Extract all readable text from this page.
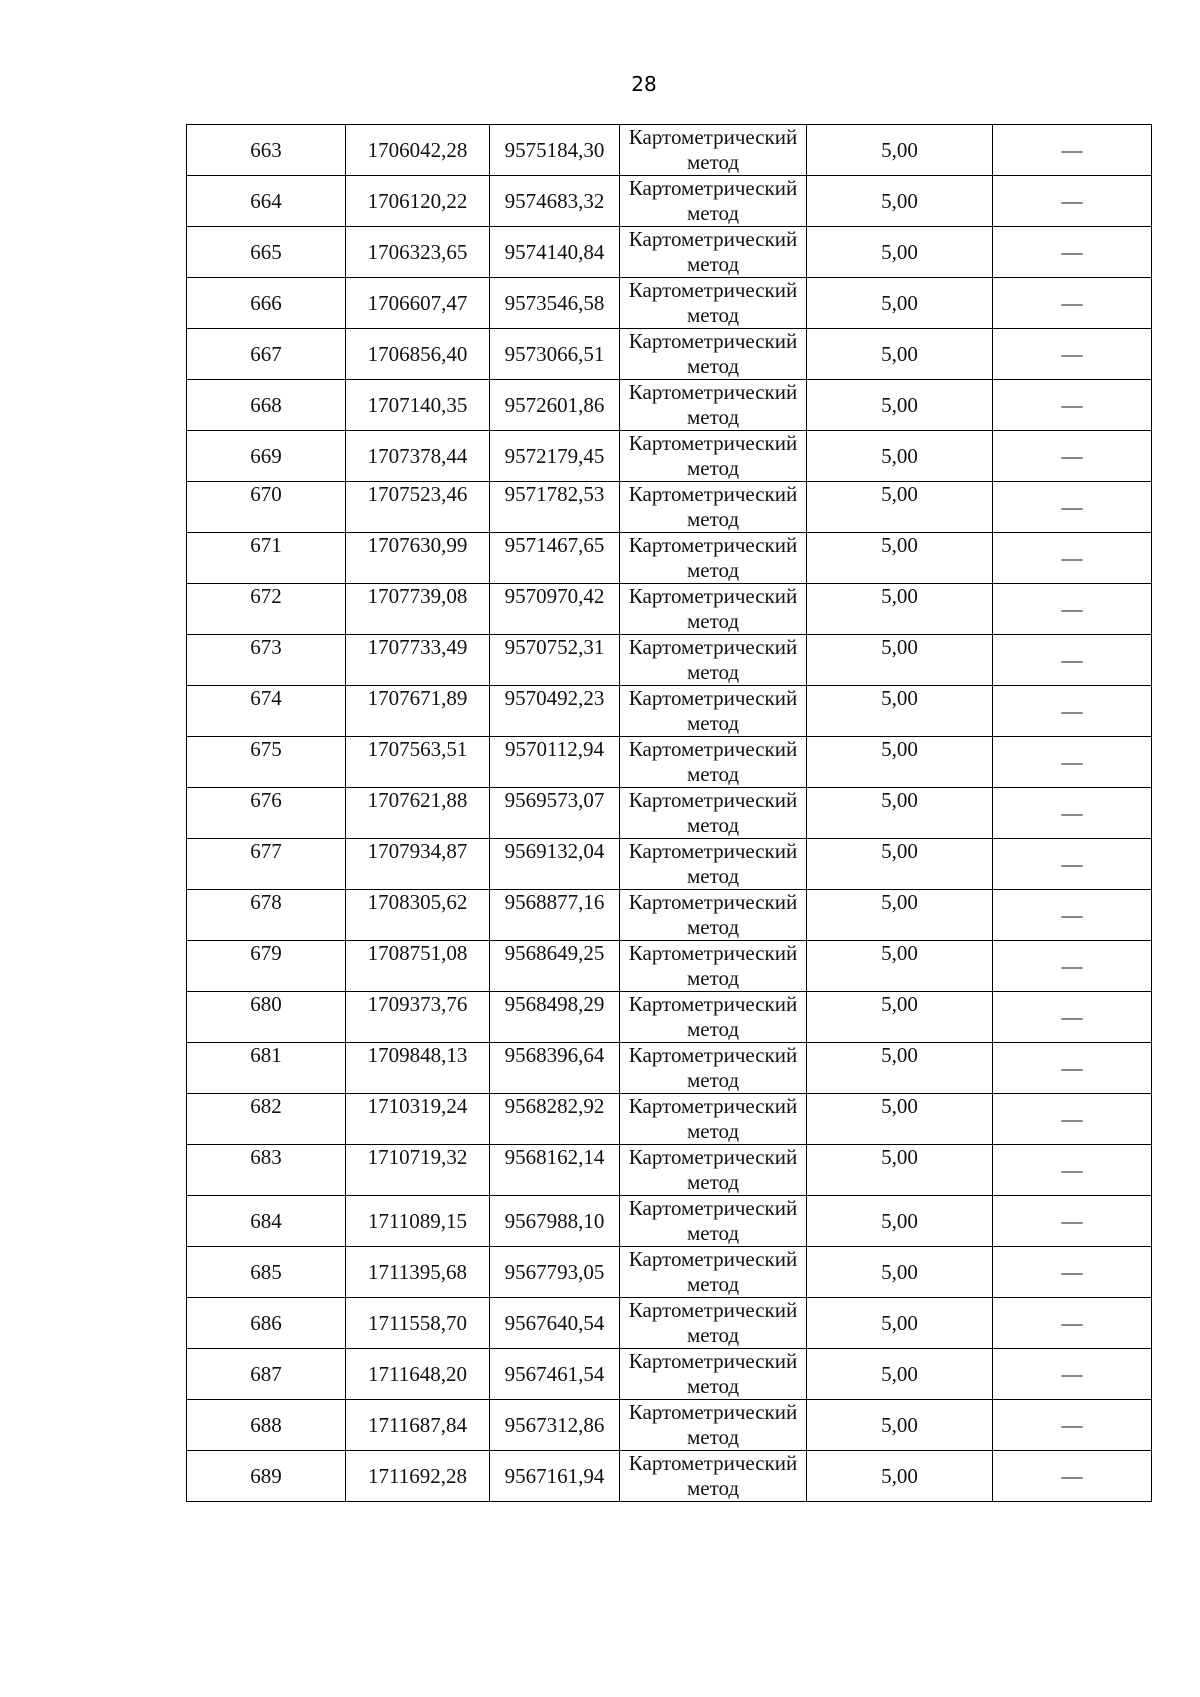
28
663	1706042,28	9575184,30	Картометрический
метод	5,00	—
664	1706120,22	9574683,32	Картометрический
метод	5,00	—
665	1706323,65	9574140,84	Картометрический
метод	5,00	—
666	1706607,47	9573546,58	Картометрический
метод	5,00	—
667	1706856,40	9573066,51	Картометрический
метод	5,00	—
668	1707140,35	9572601,86	Картометрический
метод	5,00	—
669	1707378,44	9572179,45	Картометрический
метод	5,00	—
670	1707523,46	9571782,53	Картометрический
метод	5,00	—
671	1707630,99	9571467,65	Картометрический
метод	5,00	—
672	1707739,08	9570970,42	Картометрический
метод	5,00	—
673	1707733,49	9570752,31	Картометрический
метод	5,00	—
674	1707671,89	9570492,23	Картометрический
метод	5,00	—
675	1707563,51	9570112,94	Картометрический
метод	5,00	—
676	1707621,88	9569573,07	Картометрический
метод	5,00	—
677	1707934,87	9569132,04	Картометрический
метод	5,00	—
678	1708305,62	9568877,16	Картометрический
метод	5,00	—
679	1708751,08	9568649,25	Картометрический
метод	5,00	—
680	1709373,76	9568498,29	Картометрический
метод	5,00	—
681	1709848,13	9568396,64	Картометрический
метод	5,00	—
682	1710319,24	9568282,92	Картометрический
метод	5,00	—
683	1710719,32	9568162,14	Картометрический
метод	5,00	—
684	1711089,15	9567988,10	Картометрический
метод	5,00	—
685	1711395,68	9567793,05	Картометрический
метод	5,00	—
686	1711558,70	9567640,54	Картометрический
метод	5,00	—
687	1711648,20	9567461,54	Картометрический
метод	5,00	—
688	1711687,84	9567312,86	Картометрический
метод	5,00	—
689	1711692,28	9567161,94	Картометрический
метод	5,00	—
